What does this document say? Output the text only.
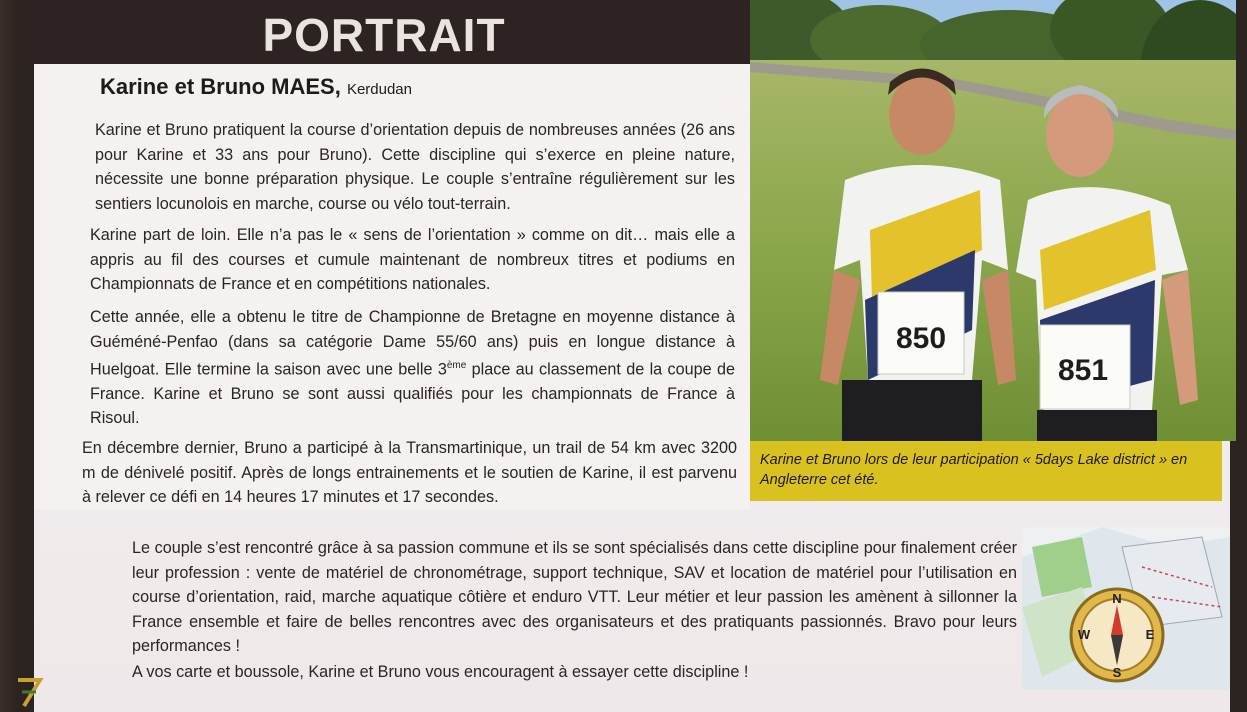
PORTRAIT
Karine et Bruno MAES, Kerdudan

Karine et Bruno pratiquent la course d’orientation depuis de nombreuses années (26 ans pour Karine et 33 ans pour Bruno). Cette discipline qui s’exerce en pleine nature, nécessite une bonne préparation physique. Le couple s’entraîne régulièrement sur les sentiers locunolois en marche, course ou vélo tout-terrain.

Karine part de loin. Elle n’a pas le « sens de l’orientation » comme on dit… mais elle a appris au fil des courses et cumule maintenant de nombreux titres et podiums en Championnats de France et en compétitions nationales.

Cette année, elle a obtenu le titre de Championne de Bretagne en moyenne distance à Guéméné-Penfao (dans sa catégorie Dame 55/60 ans) puis en longue distance à Huelgoat. Elle termine la saison avec une belle 3ème place au classement de la coupe de France. Karine et Bruno se sont aussi qualifiés pour les championnats de France à Risoul.

En décembre dernier, Bruno a participé à la Transmartinique, un trail de 54 km avec 3200 m de dénivelé positif. Après de longs entrainements et le soutien de Karine, il est parvenu à relever ce défi en 14 heures 17 minutes et 17 secondes.

Le couple s’est rencontré grâce à sa passion commune et ils se sont spécialisés dans cette discipline pour finalement créer leur profession : vente de matériel de chronométrage, support technique, SAV et location de matériel pour l’utilisation en course d’orientation, raid, marche aquatique côtière et enduro VTT. Leur métier et leur passion les amènent à sillonner la France ensemble et faire de belles rencontres avec des organisateurs et des pratiquants passionnés. Bravo pour leurs performances !

A vos carte et boussole, Karine et Bruno vous encouragent à essayer cette discipline !

850
851
Karine et Bruno lors de leur participation « 5days Lake district » en Angleterre cet été.
N
E
S
W
